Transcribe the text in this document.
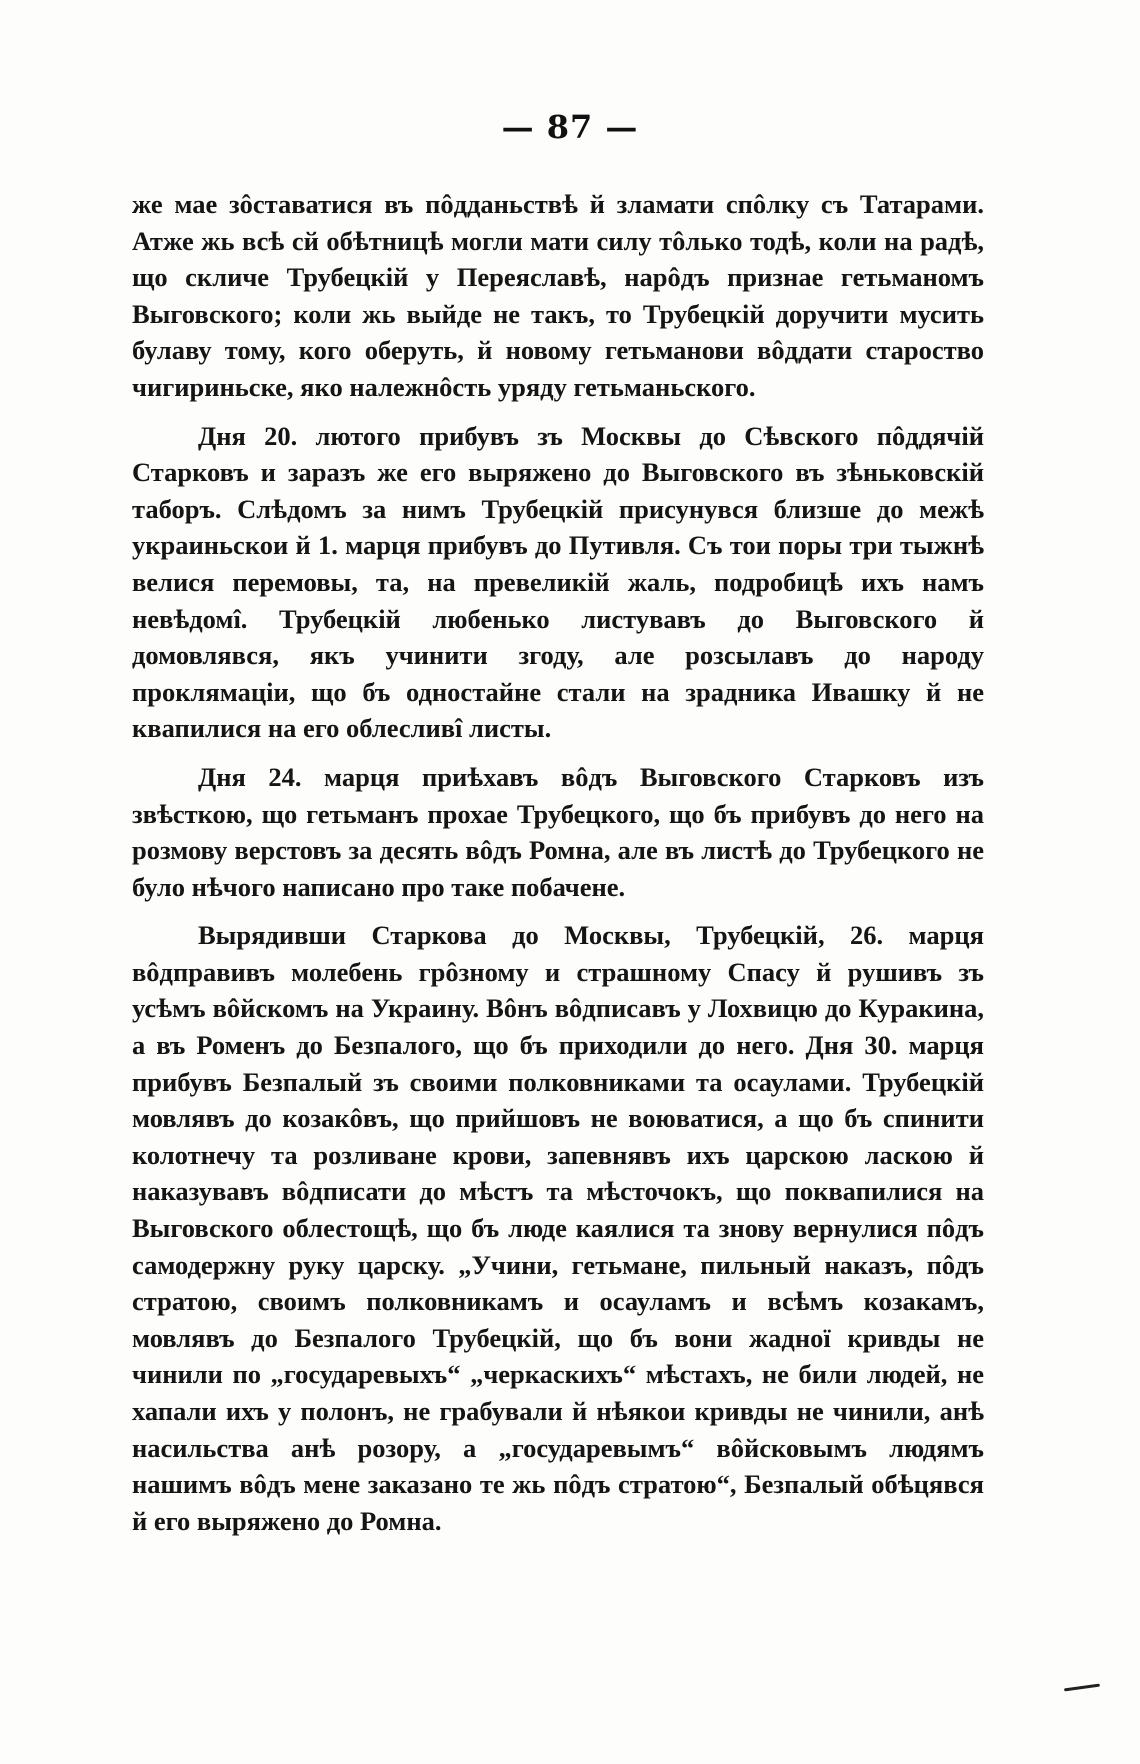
— 87 —

же мае зôставатися въ пôдданьствѣ й зламати спôлку съ Татарами. Атже жь всѣ сй обѣтницѣ могли мати силу тôлько тодѣ, коли на радѣ, що скличе Трубецкій у Переяславѣ, нарôдъ признае гетьманомъ Выговского; коли жь выйде не такъ, то Трубецкій доручити мусить булаву тому, кого оберуть, й новому гетьманови вôддати староство чигириньске, яко належнôсть уряду гетьманьского.

Дня 20. лютого прибувъ зъ Москвы до Сѣвского пôддячій Старковъ и заразъ же его выряжено до Выговского въ зѣньковскій таборъ. Слѣдомъ за нимъ Трубецкій присунувся близше до межѣ украиньскои й 1. марця прибувъ до Путивля. Съ тои поры три тыжнѣ велися перемовы, та, на превеликій жаль, подробицѣ ихъ намъ невѣдомî. Трубецкій любенько листувавъ до Выговского й домовлявся, якъ учинити згоду, але розсылавъ до народу проклямаціи, що бъ одностайне стали на зрадника Ивашку й не квапилися на его облесливî листы.

Дня 24. марця приѣхавъ вôдъ Выговского Старковъ изъ звѣсткою, що гетьманъ прохае Трубецкого, що бъ прибувъ до него на розмову верстовъ за десять вôдъ Ромна, але въ листѣ до Трубецкого не було нѣчого написано про таке побачене.

Вырядивши Старкова до Москвы, Трубецкій, 26. марця вôдправивъ молебень грôзному и страшному Спасу й рушивъ зъ усѣмъ вôйскомъ на Украину. Вôнъ вôдписавъ у Лохвицю до Куракина, а въ Роменъ до Безпалого, що бъ приходили до него. Дня 30. марця прибувъ Безпалый зъ своими полковниками та осаулами. Трубецкій мовлявъ до козакôвъ, що прийшовъ не воюватися, а що бъ спинити колотнечу та розливане крови, запевнявъ ихъ царскою ласкою й наказувавъ вôдписати до мѣстъ та мѣсточокъ, що поквапилися на Выговского облестощѣ, що бъ люде каялися та знову вернулися пôдъ самодержну руку царску. „Учини, гетьмане, пильный наказъ, пôдъ стратою, своимъ полковникамъ и осауламъ и всѣмъ козакамъ, мовлявъ до Безпалого Трубецкій, що бъ вони жадної кривды не чинили по „государевыхъ“ „черкаскихъ“ мѣстахъ, не били людей, не хапали ихъ у полонъ, не грабували й нѣякои кривды не чинили, анѣ насильства анѣ розору, а „государевымъ“ вôйсковымъ людямъ нашимъ вôдъ мене заказано те жь пôдъ стратою“, Безпалый обѣцявся й его выряжено до Ромна.
